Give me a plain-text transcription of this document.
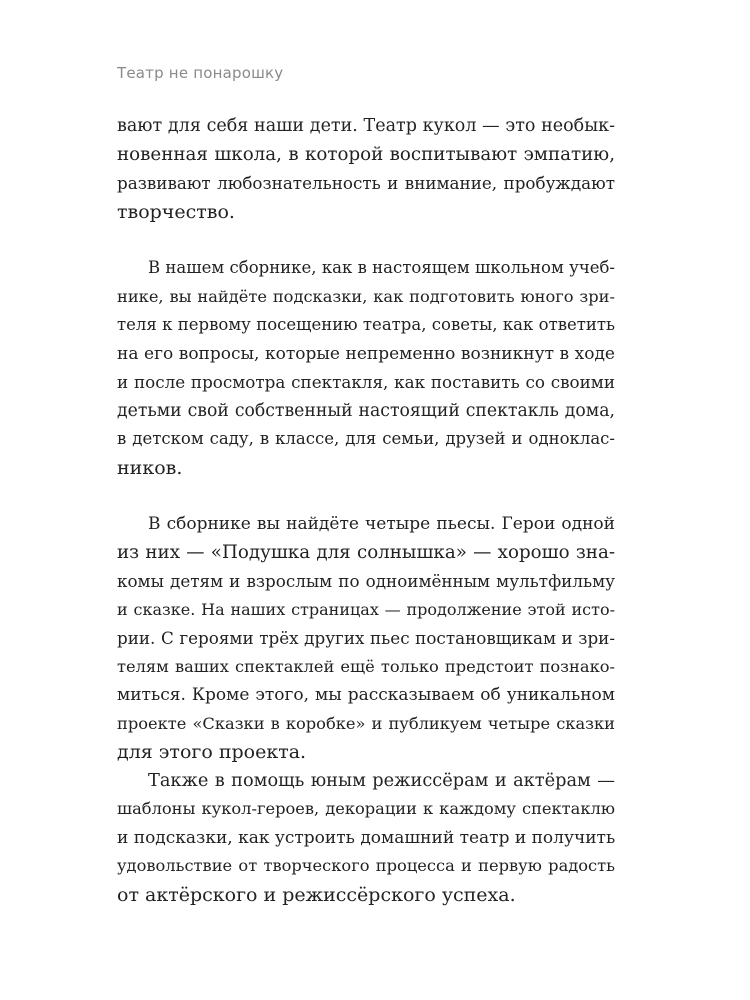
Театр не понарошку
вают для себя наши дети. Театр кукол — это необык-
новенная школа, в которой воспитывают эмпатию,
развивают любознательность и внимание, пробуждают
творчество.
В нашем сборнике, как в настоящем школьном учеб-
нике, вы найдёте подсказки, как подготовить юного зри-
теля к первому посещению театра, советы, как ответить
на его вопросы, которые непременно возникнут в ходе
и после просмотра спектакля, как поставить со своими
детьми свой собственный настоящий спектакль дома,
в детском саду, в классе, для семьи, друзей и однoклас-
ников.
В сборнике вы найдёте четыре пьесы. Герои одной
из них — «Подушка для солнышка» — хорошо зна-
комы детям и взрослым по одноимённым мультфильму
и сказке. На наших страницах — продолжение этой исто-
рии. С героями трёх других пьес постановщикам и зри-
телям ваших спектаклей ещё только предстоит познако-
миться. Кроме этого, мы рассказываем об уникальном
проекте «Сказки в коробке» и публикуем четыре сказки
для этого проекта.
Также в помощь юным режиссёрам и актёрам —
шаблоны кукол-героев, декорации к каждому спектаклю
и подсказки, как устроить домашний театр и получить
удовольствие от творческого процесса и первую радость
от актёрского и режиссёрского успеха.
